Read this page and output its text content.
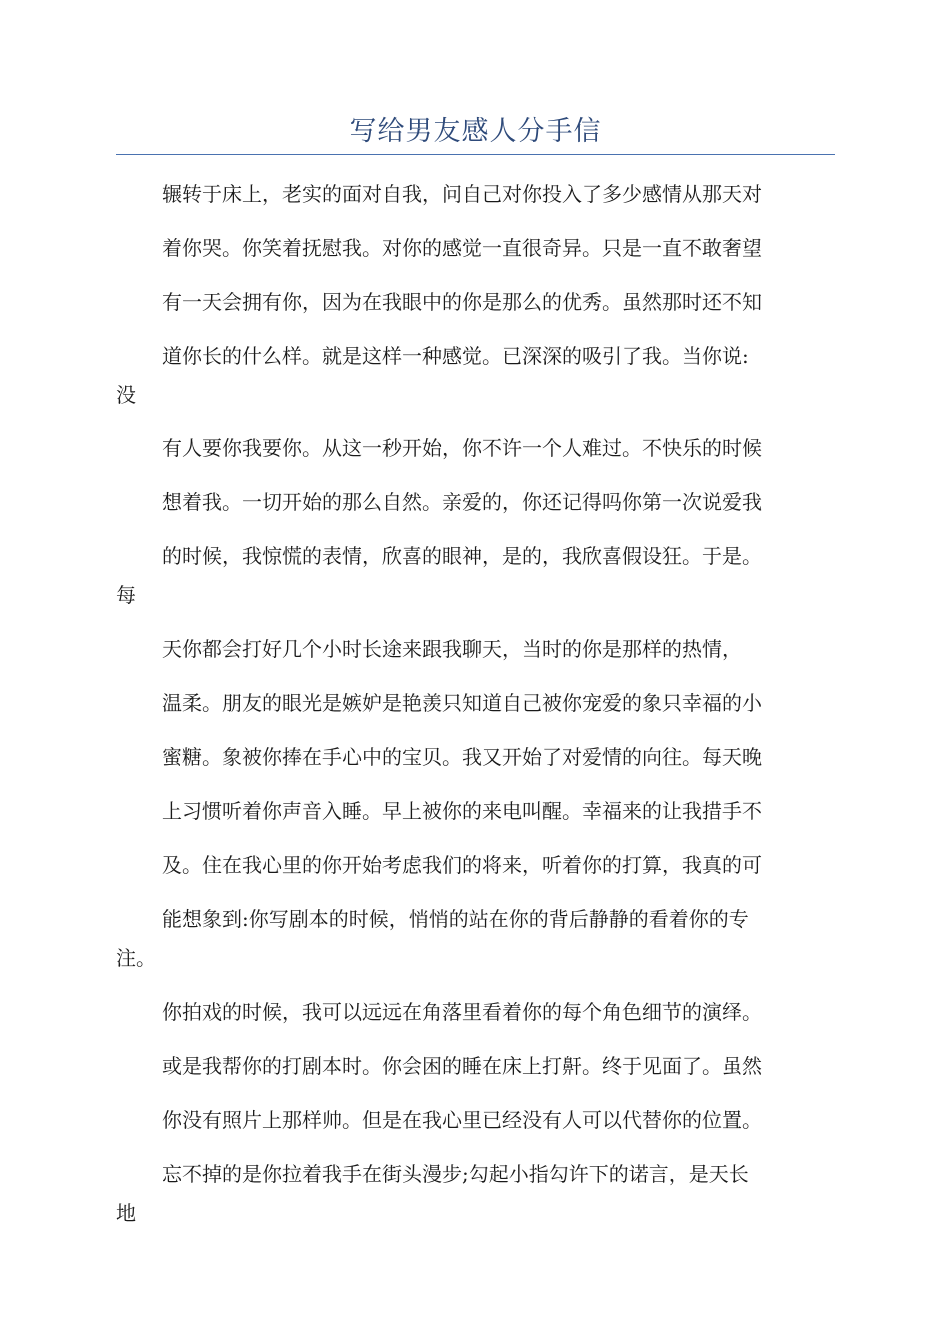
写给男友感人分手信
辗转于床上，老实的面对自我，问自己对你投入了多少感情从那天对
着你哭。你笑着抚慰我。对你的感觉一直很奇异。只是一直不敢奢望
有一天会拥有你，因为在我眼中的你是那么的优秀。虽然那时还不知
道你长的什么样。就是这样一种感觉。已深深的吸引了我。当你说:
没
有人要你我要你。从这一秒开始，你不许一个人难过。不快乐的时候
想着我。一切开始的那么自然。亲爱的，你还记得吗你第一次说爱我
的时候，我惊慌的表情，欣喜的眼神，是的，我欣喜假设狂。于是。
每
天你都会打好几个小时长途来跟我聊天，当时的你是那样的热情，
温柔。朋友的眼光是嫉妒是艳羡只知道自己被你宠爱的象只幸福的小
蜜糖。象被你捧在手心中的宝贝。我又开始了对爱情的向往。每天晚
上习惯听着你声音入睡。早上被你的来电叫醒。幸福来的让我措手不
及。住在我心里的你开始考虑我们的将来，听着你的打算，我真的可
能想象到:你写剧本的时候，悄悄的站在你的背后静静的看着你的专
注。
你拍戏的时候，我可以远远在角落里看着你的每个角色细节的演绎。
或是我帮你的打剧本时。你会困的睡在床上打鼾。终于见面了。虽然
你没有照片上那样帅。但是在我心里已经没有人可以代替你的位置。
忘不掉的是你拉着我手在街头漫步;勾起小指勾许下的诺言，是天长
地
